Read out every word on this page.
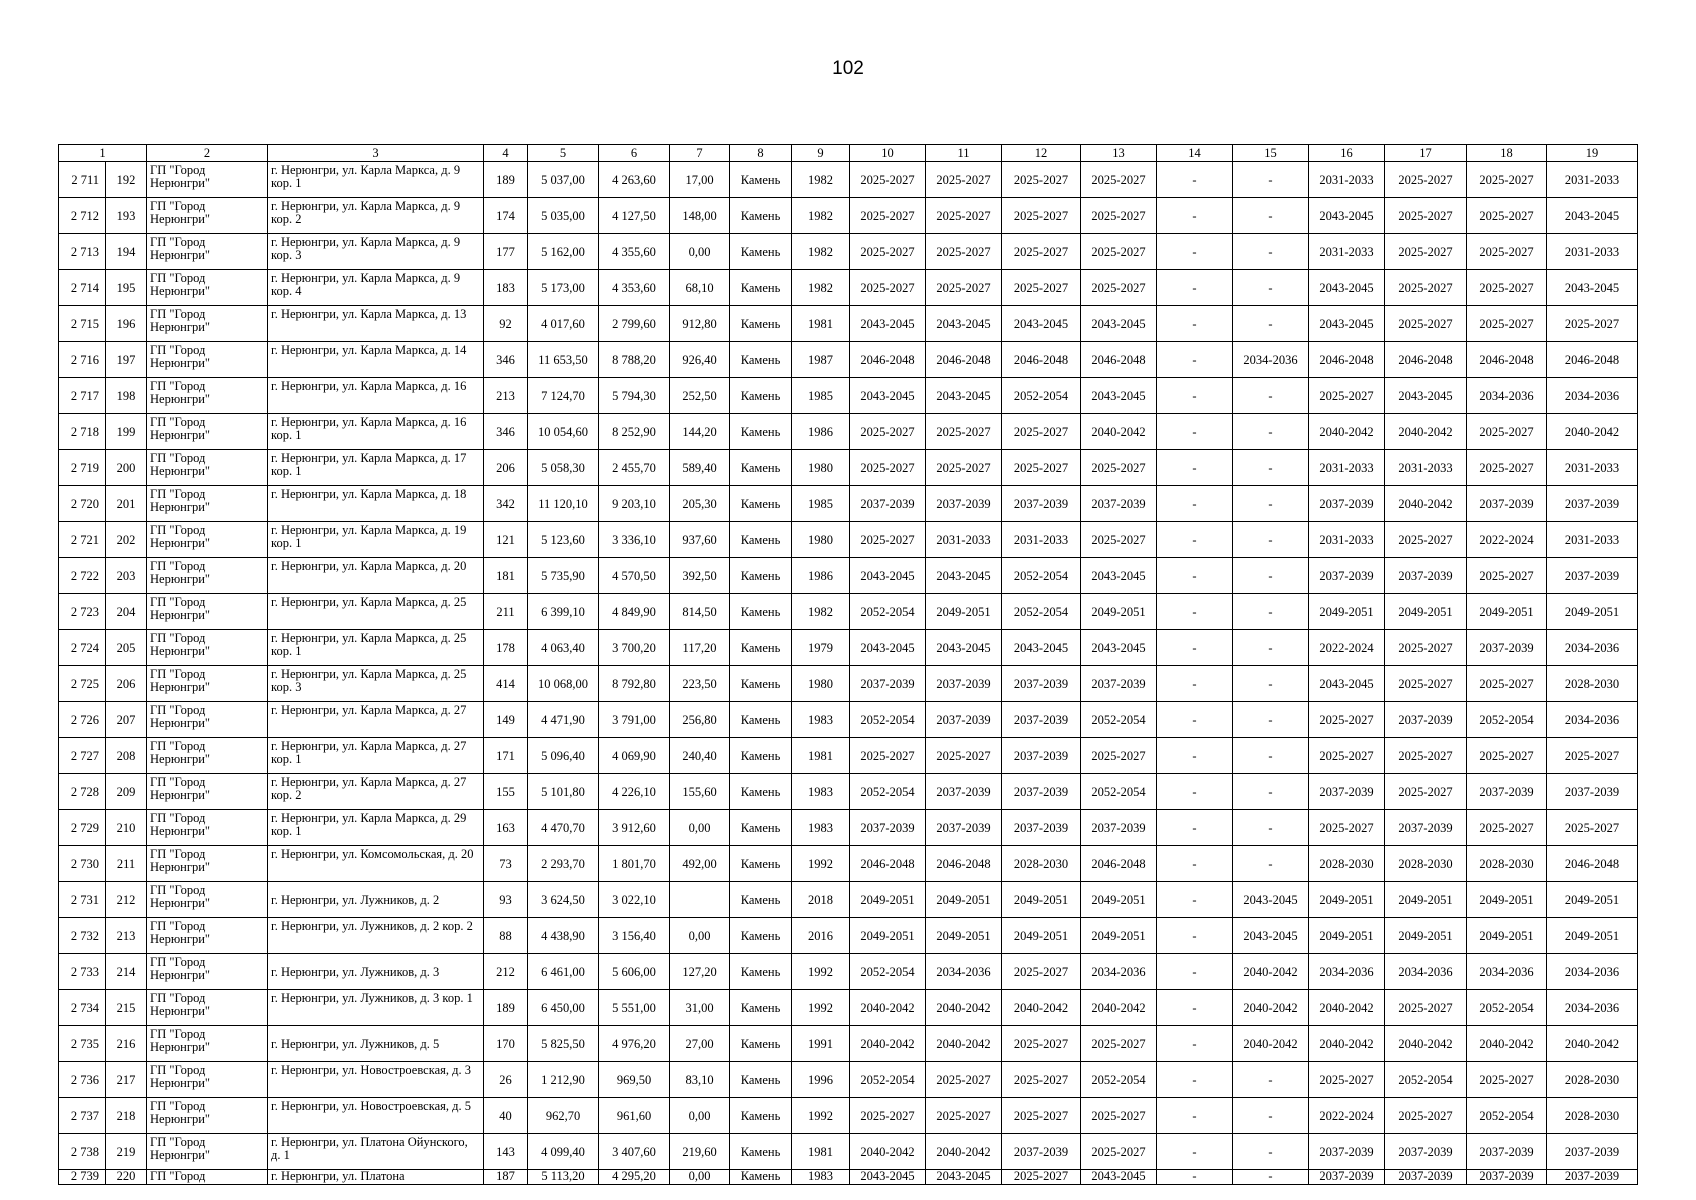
102
1		2	3	4	5	6	7	8	9	10	11	12	13	14	15	16	17	18	19
2 711	192	ГП "Город Нерюнгри"	г. Нерюнгри, ул. Карла Маркса, д. 9 кор. 1	189	5 037,00	4 263,60	17,00	Камень	1982	2025-2027	2025-2027	2025-2027	2025-2027	-	-	2031-2033	2025-2027	2025-2027	2031-2033
2 712	193	ГП "Город Нерюнгри"	г. Нерюнгри, ул. Карла Маркса, д. 9 кор. 2	174	5 035,00	4 127,50	148,00	Камень	1982	2025-2027	2025-2027	2025-2027	2025-2027	-	-	2043-2045	2025-2027	2025-2027	2043-2045
2 713	194	ГП "Город Нерюнгри"	г. Нерюнгри, ул. Карла Маркса, д. 9 кор. 3	177	5 162,00	4 355,60	0,00	Камень	1982	2025-2027	2025-2027	2025-2027	2025-2027	-	-	2031-2033	2025-2027	2025-2027	2031-2033
2 714	195	ГП "Город Нерюнгри"	г. Нерюнгри, ул. Карла Маркса, д. 9 кор. 4	183	5 173,00	4 353,60	68,10	Камень	1982	2025-2027	2025-2027	2025-2027	2025-2027	-	-	2043-2045	2025-2027	2025-2027	2043-2045
2 715	196	ГП "Город Нерюнгри"	г. Нерюнгри, ул. Карла Маркса, д. 13	92	4 017,60	2 799,60	912,80	Камень	1981	2043-2045	2043-2045	2043-2045	2043-2045	-	-	2043-2045	2025-2027	2025-2027	2025-2027
2 716	197	ГП "Город Нерюнгри"	г. Нерюнгри, ул. Карла Маркса, д. 14	346	11 653,50	8 788,20	926,40	Камень	1987	2046-2048	2046-2048	2046-2048	2046-2048	-	2034-2036	2046-2048	2046-2048	2046-2048	2046-2048
2 717	198	ГП "Город Нерюнгри"	г. Нерюнгри, ул. Карла Маркса, д. 16	213	7 124,70	5 794,30	252,50	Камень	1985	2043-2045	2043-2045	2052-2054	2043-2045	-	-	2025-2027	2043-2045	2034-2036	2034-2036
2 718	199	ГП "Город Нерюнгри"	г. Нерюнгри, ул. Карла Маркса, д. 16 кор. 1	346	10 054,60	8 252,90	144,20	Камень	1986	2025-2027	2025-2027	2025-2027	2040-2042	-	-	2040-2042	2040-2042	2025-2027	2040-2042
2 719	200	ГП "Город Нерюнгри"	г. Нерюнгри, ул. Карла Маркса, д. 17 кор. 1	206	5 058,30	2 455,70	589,40	Камень	1980	2025-2027	2025-2027	2025-2027	2025-2027	-	-	2031-2033	2031-2033	2025-2027	2031-2033
2 720	201	ГП "Город Нерюнгри"	г. Нерюнгри, ул. Карла Маркса, д. 18	342	11 120,10	9 203,10	205,30	Камень	1985	2037-2039	2037-2039	2037-2039	2037-2039	-	-	2037-2039	2040-2042	2037-2039	2037-2039
2 721	202	ГП "Город Нерюнгри"	г. Нерюнгри, ул. Карла Маркса, д. 19 кор. 1	121	5 123,60	3 336,10	937,60	Камень	1980	2025-2027	2031-2033	2031-2033	2025-2027	-	-	2031-2033	2025-2027	2022-2024	2031-2033
2 722	203	ГП "Город Нерюнгри"	г. Нерюнгри, ул. Карла Маркса, д. 20	181	5 735,90	4 570,50	392,50	Камень	1986	2043-2045	2043-2045	2052-2054	2043-2045	-	-	2037-2039	2037-2039	2025-2027	2037-2039
2 723	204	ГП "Город Нерюнгри"	г. Нерюнгри, ул. Карла Маркса, д. 25	211	6 399,10	4 849,90	814,50	Камень	1982	2052-2054	2049-2051	2052-2054	2049-2051	-	-	2049-2051	2049-2051	2049-2051	2049-2051
2 724	205	ГП "Город Нерюнгри"	г. Нерюнгри, ул. Карла Маркса, д. 25 кор. 1	178	4 063,40	3 700,20	117,20	Камень	1979	2043-2045	2043-2045	2043-2045	2043-2045	-	-	2022-2024	2025-2027	2037-2039	2034-2036
2 725	206	ГП "Город Нерюнгри"	г. Нерюнгри, ул. Карла Маркса, д. 25 кор. 3	414	10 068,00	8 792,80	223,50	Камень	1980	2037-2039	2037-2039	2037-2039	2037-2039	-	-	2043-2045	2025-2027	2025-2027	2028-2030
2 726	207	ГП "Город Нерюнгри"	г. Нерюнгри, ул. Карла Маркса, д. 27	149	4 471,90	3 791,00	256,80	Камень	1983	2052-2054	2037-2039	2037-2039	2052-2054	-	-	2025-2027	2037-2039	2052-2054	2034-2036
2 727	208	ГП "Город Нерюнгри"	г. Нерюнгри, ул. Карла Маркса, д. 27 кор. 1	171	5 096,40	4 069,90	240,40	Камень	1981	2025-2027	2025-2027	2037-2039	2025-2027	-	-	2025-2027	2025-2027	2025-2027	2025-2027
2 728	209	ГП "Город Нерюнгри"	г. Нерюнгри, ул. Карла Маркса, д. 27 кор. 2	155	5 101,80	4 226,10	155,60	Камень	1983	2052-2054	2037-2039	2037-2039	2052-2054	-	-	2037-2039	2025-2027	2037-2039	2037-2039
2 729	210	ГП "Город Нерюнгри"	г. Нерюнгри, ул. Карла Маркса, д. 29 кор. 1	163	4 470,70	3 912,60	0,00	Камень	1983	2037-2039	2037-2039	2037-2039	2037-2039	-	-	2025-2027	2037-2039	2025-2027	2025-2027
2 730	211	ГП "Город Нерюнгри"	г. Нерюнгри, ул. Комсомольская, д. 20	73	2 293,70	1 801,70	492,00	Камень	1992	2046-2048	2046-2048	2028-2030	2046-2048	-	-	2028-2030	2028-2030	2028-2030	2046-2048
2 731	212	ГП "Город Нерюнгри"	г. Нерюнгри, ул. Лужников, д. 2	93	3 624,50	3 022,10		Камень	2018	2049-2051	2049-2051	2049-2051	2049-2051	-	2043-2045	2049-2051	2049-2051	2049-2051	2049-2051
2 732	213	ГП "Город Нерюнгри"	г. Нерюнгри, ул. Лужников, д. 2 кор. 2	88	4 438,90	3 156,40	0,00	Камень	2016	2049-2051	2049-2051	2049-2051	2049-2051	-	2043-2045	2049-2051	2049-2051	2049-2051	2049-2051
2 733	214	ГП "Город Нерюнгри"	г. Нерюнгри, ул. Лужников, д. 3	212	6 461,00	5 606,00	127,20	Камень	1992	2052-2054	2034-2036	2025-2027	2034-2036	-	2040-2042	2034-2036	2034-2036	2034-2036	2034-2036
2 734	215	ГП "Город Нерюнгри"	г. Нерюнгри, ул. Лужников, д. 3 кор. 1	189	6 450,00	5 551,00	31,00	Камень	1992	2040-2042	2040-2042	2040-2042	2040-2042	-	2040-2042	2040-2042	2025-2027	2052-2054	2034-2036
2 735	216	ГП "Город Нерюнгри"	г. Нерюнгри, ул. Лужников, д. 5	170	5 825,50	4 976,20	27,00	Камень	1991	2040-2042	2040-2042	2025-2027	2025-2027	-	2040-2042	2040-2042	2040-2042	2040-2042	2040-2042
2 736	217	ГП "Город Нерюнгри"	г. Нерюнгри, ул. Новостроевская, д. 3	26	1 212,90	969,50	83,10	Камень	1996	2052-2054	2025-2027	2025-2027	2052-2054	-	-	2025-2027	2052-2054	2025-2027	2028-2030
2 737	218	ГП "Город Нерюнгри"	г. Нерюнгри, ул. Новостроевская, д. 5	40	962,70	961,60	0,00	Камень	1992	2025-2027	2025-2027	2025-2027	2025-2027	-	-	2022-2024	2025-2027	2052-2054	2028-2030
2 738	219	ГП "Город Нерюнгри"	г. Нерюнгри, ул. Платона Ойунского, д. 1	143	4 099,40	3 407,60	219,60	Камень	1981	2040-2042	2040-2042	2037-2039	2025-2027	-	-	2037-2039	2037-2039	2037-2039	2037-2039
2 739	220	ГП "Город	г. Нерюнгри, ул. Платона	187	5 113,20	4 295,20	0,00	Камень	1983	2043-2045	2043-2045	2025-2027	2043-2045	-	-	2037-2039	2037-2039	2037-2039	2037-2039
